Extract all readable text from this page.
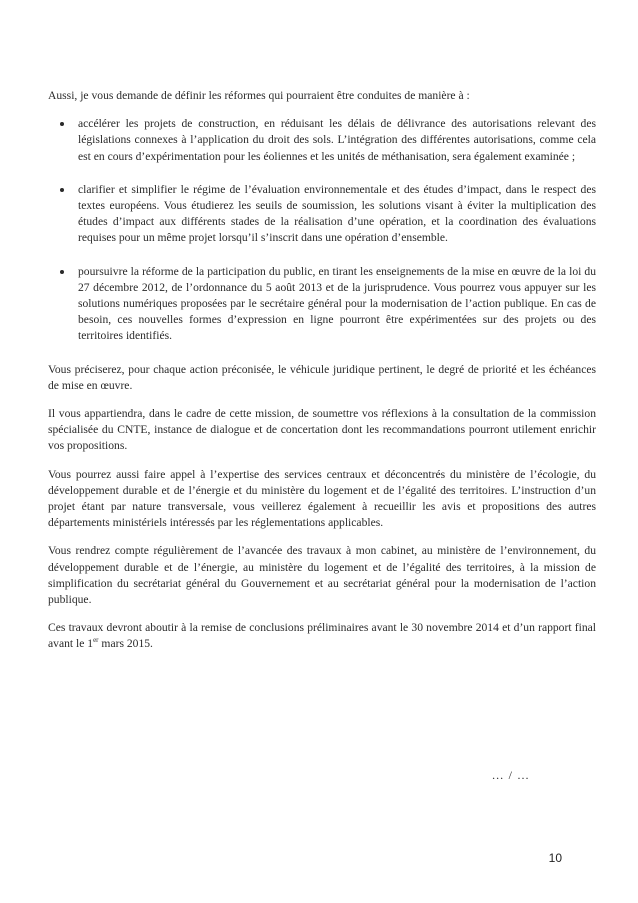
Aussi, je vous demande de définir les réformes qui pourraient être conduites de manière à :

accélérer les projets de construction, en réduisant les délais de délivrance des autorisations relevant des législations connexes à l’application du droit des sols. L’intégration des différentes autorisations, comme cela est en cours d’expérimentation pour les éoliennes et les unités de méthanisation, sera également examinée ;
clarifier et simplifier le régime de l’évaluation environnementale et des études d’impact, dans le respect des textes européens. Vous étudierez les seuils de soumission, les solutions visant à éviter la multiplication des études d’impact aux différents stades de la réalisation d’une opération, et la coordination des évaluations requises pour un même projet lorsqu’il s’inscrit dans une opération d’ensemble.
poursuivre la réforme de la participation du public, en tirant les enseignements de la mise en œuvre de la loi du 27 décembre 2012, de l’ordonnance du 5 août 2013 et de la jurisprudence. Vous pourrez vous appuyer sur les solutions numériques proposées par le secrétaire général pour la modernisation de l’action publique. En cas de besoin, ces nouvelles formes d’expression en ligne pourront être expérimentées sur des projets ou des territoires identifiés.

Vous préciserez, pour chaque action préconisée, le véhicule juridique pertinent, le degré de priorité et les échéances de mise en œuvre.

Il vous appartiendra, dans le cadre de cette mission, de soumettre vos réflexions à la consultation de la commission spécialisée du CNTE, instance de dialogue et de concertation dont les recommandations pourront utilement enrichir vos propositions.

Vous pourrez aussi faire appel à l’expertise des services centraux et déconcentrés du ministère de l’écologie, du développement durable et de l’énergie et du ministère du logement et de l’égalité des territoires. L’instruction d’un projet étant par nature transversale, vous veillerez également à recueillir les avis et propositions des autres départements ministériels intéressés par les réglementations applicables.

Vous rendrez compte régulièrement de l’avancée des travaux à mon cabinet, au ministère de l’environnement, du développement durable et de l’énergie, au ministère du logement et de l’égalité des territoires, à la mission de simplification du secrétariat général du Gouvernement et au secrétariat général pour la modernisation de l’action publique.

Ces travaux devront aboutir à la remise de conclusions préliminaires avant le 30 novembre 2014 et d’un rapport final avant le 1er mars 2015.

… / …
10
